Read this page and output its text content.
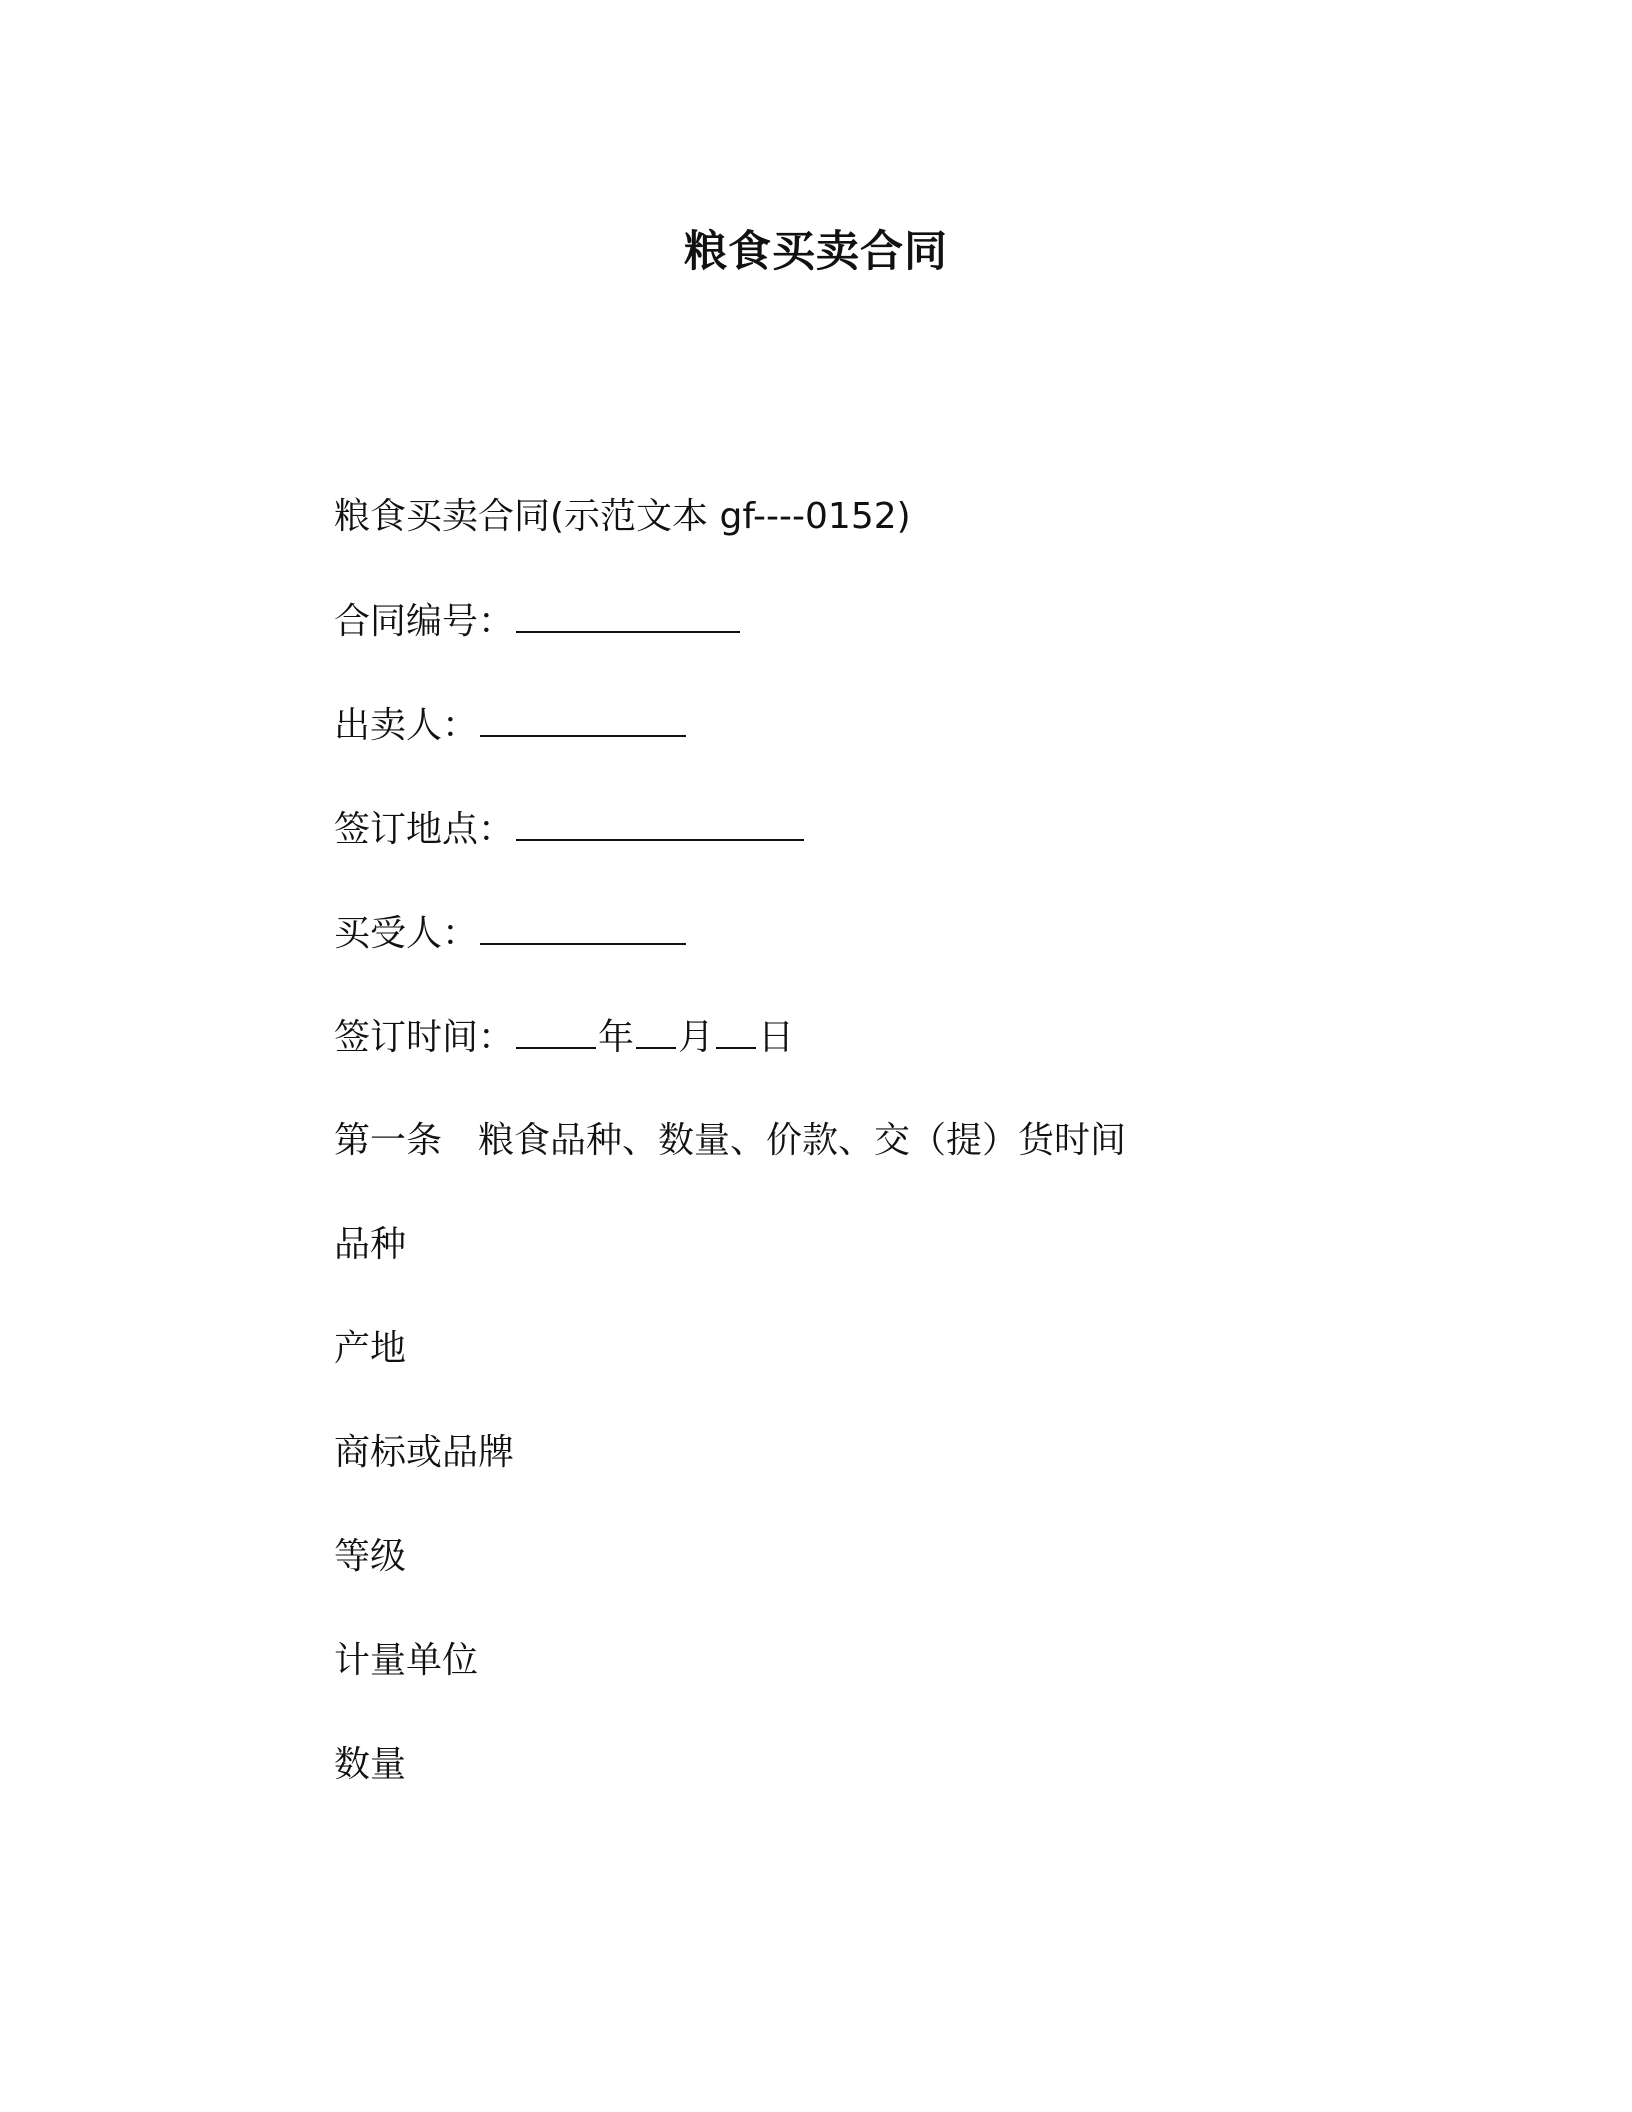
粮食买卖合同
粮食买卖合同(示范文本 gf----0152)
合同编号：
出卖人：
签订地点：
买受人：
签订时间： 年 月 日
第一条　粮食品种、数量、价款、交（提）货时间
品种
产地
商标或品牌
等级
计量单位
数量
